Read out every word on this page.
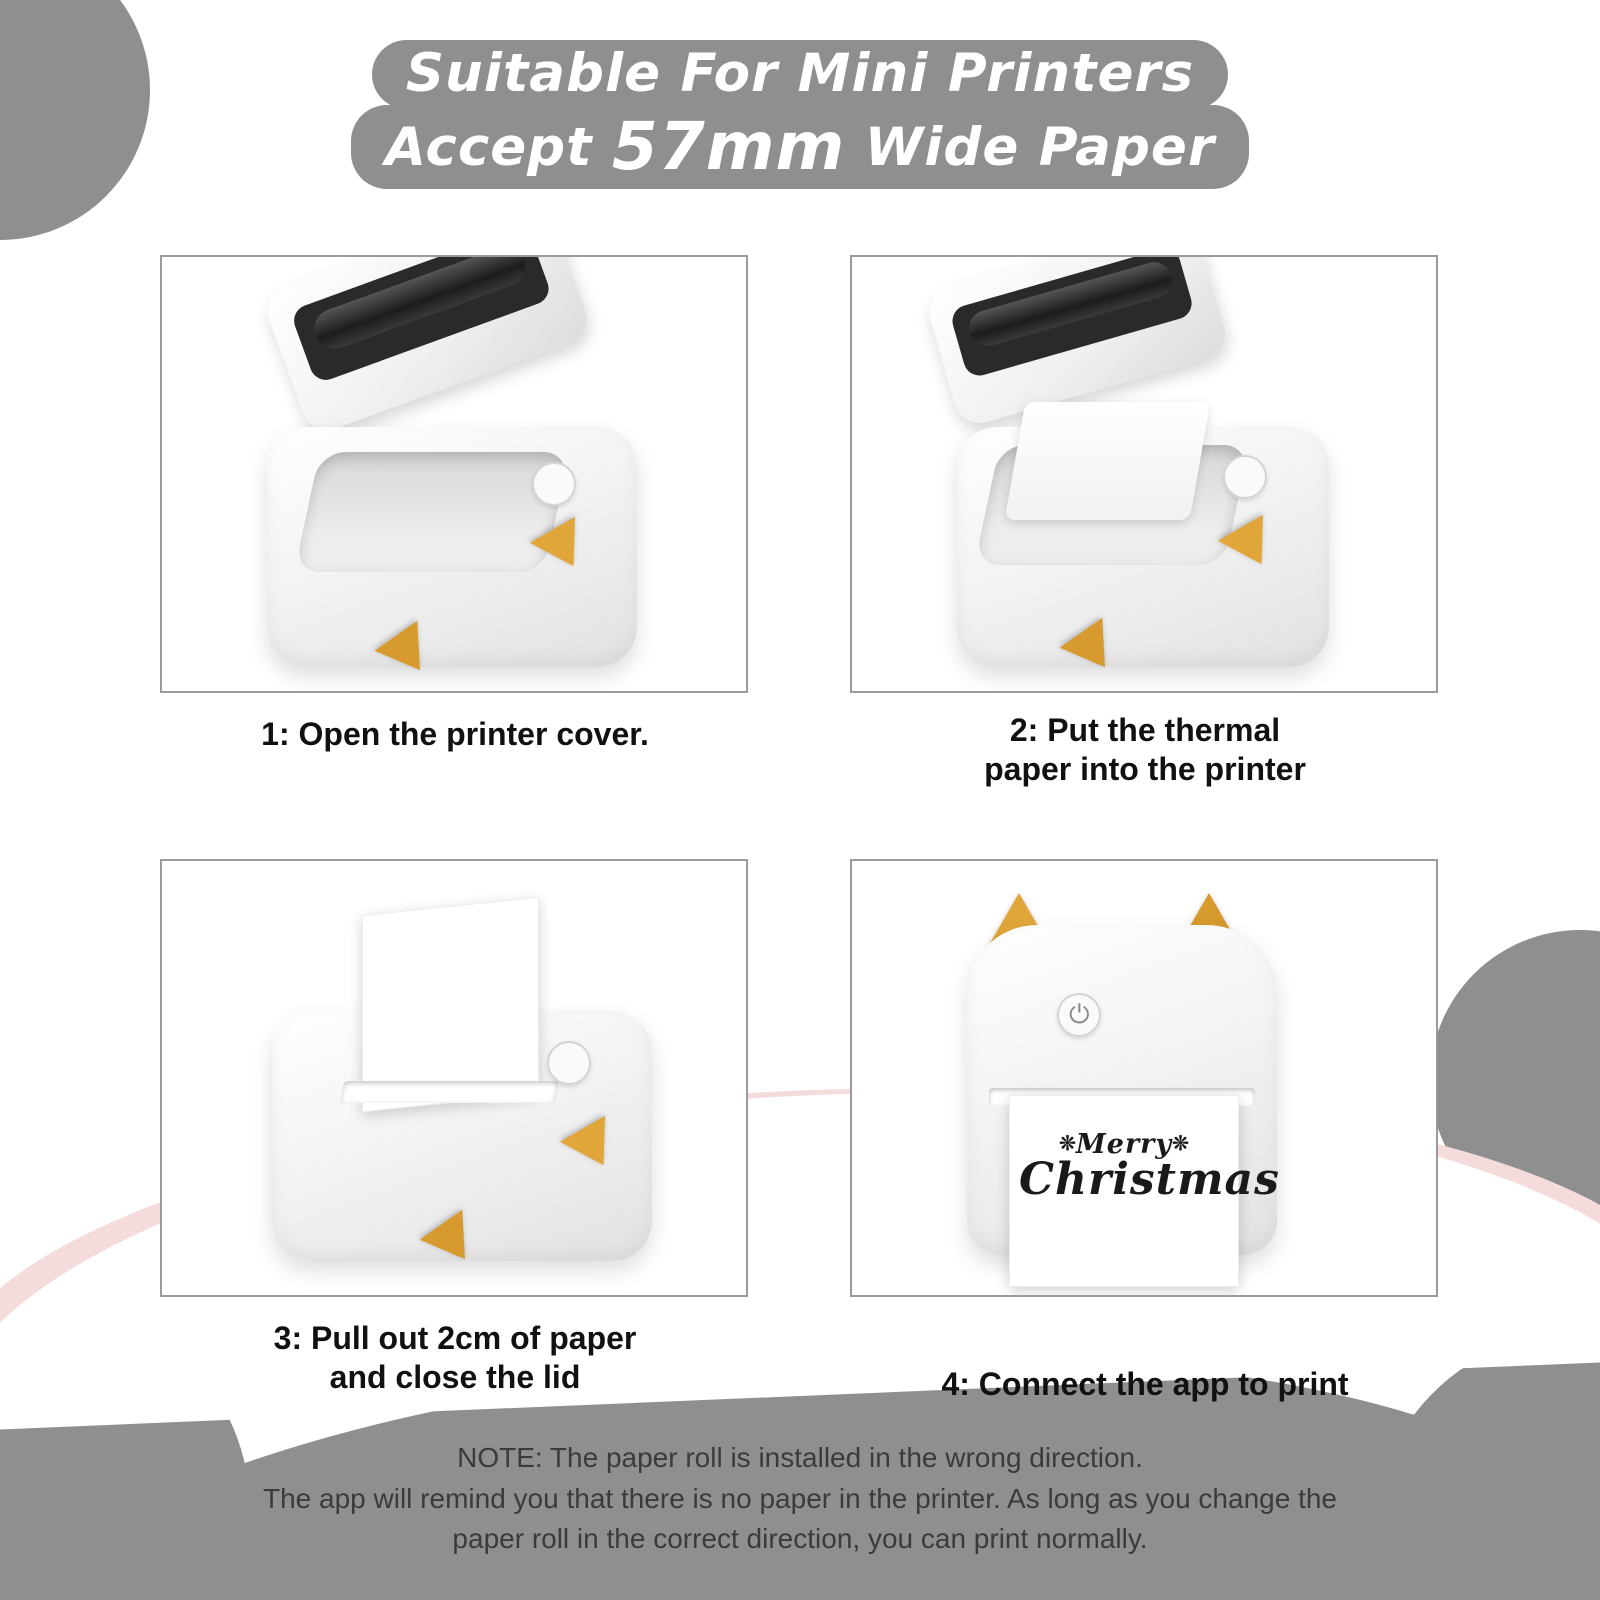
Suitable For Mini Printers Accept 57mm Wide Paper
1: Open the printer cover.	2: Put the thermal
paper into the printer
3: Pull out 2cm of paper
and close the lid
⏻
❊Merry❊
Christmas
4: Connect the app to print
NOTE: The paper roll is installed in the wrong direction.
The app will remind you that there is no paper in the printer. As long as you change the
paper roll in the correct direction, you can print normally.
